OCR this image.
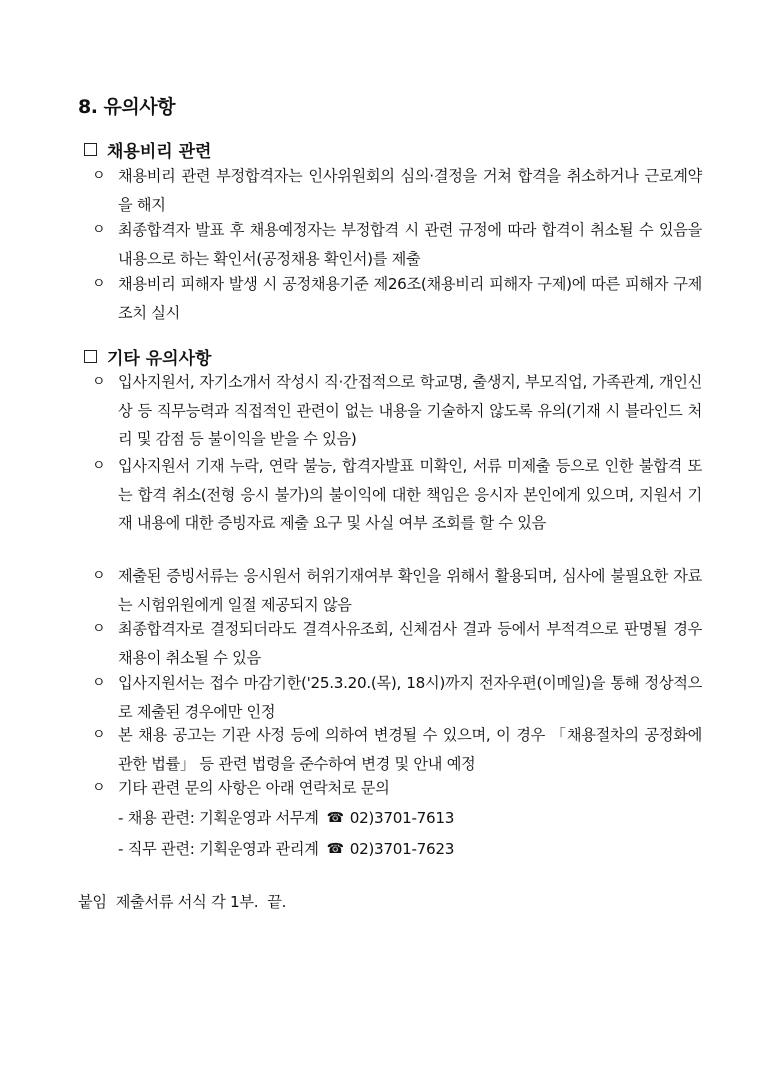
8. 유의사항
채용비리 관련
ㅇ 채용비리 관련 부정합격자는 인사위원회의 심의·결정을 거쳐 합격을 취소하거나 근로계약을 해지
ㅇ 최종합격자 발표 후 채용예정자는 부정합격 시 관련 규정에 따라 합격이 취소될 수 있음을 내용으로 하는 확인서(공정채용 확인서)를 제출
ㅇ 채용비리 피해자 발생 시 공정채용기준 제26조(채용비리 피해자 구제)에 따른 피해자 구제 조치 실시
기타 유의사항
ㅇ 입사지원서, 자기소개서 작성시 직·간접적으로 학교명, 출생지, 부모직업, 가족관계, 개인신상 등 직무능력과 직접적인 관련이 없는 내용을 기술하지 않도록 유의(기재 시 블라인드 처리 및 감점 등 불이익을 받을 수 있음)
ㅇ 입사지원서 기재 누락, 연락 불능, 합격자발표 미확인, 서류 미제출 등으로 인한 불합격 또는 합격 취소(전형 응시 불가)의 불이익에 대한 책임은 응시자 본인에게 있으며, 지원서 기재 내용에 대한 증빙자료 제출 요구 및 사실 여부 조회를 할 수 있음
ㅇ 제출된 증빙서류는 응시원서 허위기재여부 확인을 위해서 활용되며, 심사에 불필요한 자료는 시험위원에게 일절 제공되지 않음
ㅇ 최종합격자로 결정되더라도 결격사유조회, 신체검사 결과 등에서 부적격으로 판명될 경우 채용이 취소될 수 있음
ㅇ 입사지원서는 접수 마감기한('25.3.20.(목), 18시)까지 전자우편(이메일)을 통해 정상적으로 제출된 경우에만 인정
ㅇ 본 채용 공고는 기관 사정 등에 의하여 변경될 수 있으며, 이 경우 「채용절차의 공정화에 관한 법률」 등 관련 법령을 준수하여 변경 및 안내 예정
ㅇ 기타 관련 문의 사항은 아래 연락처로 문의
- 채용 관련: 기획운영과 서무계 ☎ 02)3701-7613
- 직무 관련: 기획운영과 관리계 ☎ 02)3701-7623
붙임  제출서류 서식 각 1부.  끝.
